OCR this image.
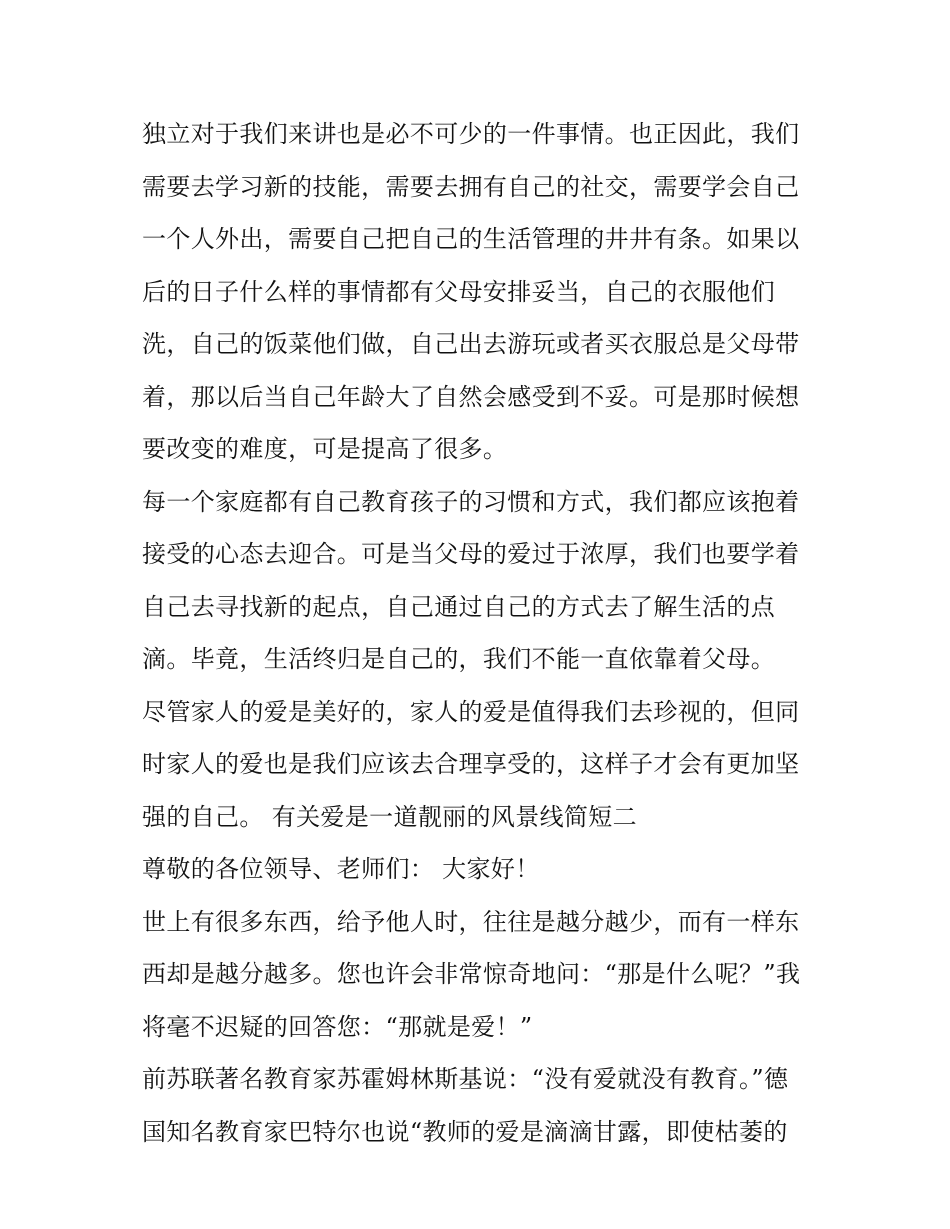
独立对于我们来讲也是必不可少的一件事情。也正因此，我们
需要去学习新的技能，需要去拥有自己的社交，需要学会自己
一个人外出，需要自己把自己的生活管理的井井有条。如果以
后的日子什么样的事情都有父母安排妥当，自己的衣服他们
洗，自己的饭菜他们做，自己出去游玩或者买衣服总是父母带
着，那以后当自己年龄大了自然会感受到不妥。可是那时候想
要改变的难度，可是提高了很多。
每一个家庭都有自己教育孩子的习惯和方式，我们都应该抱着
接受的心态去迎合。可是当父母的爱过于浓厚，我们也要学着
自己去寻找新的起点，自己通过自己的方式去了解生活的点
滴。毕竟，生活终归是自己的，我们不能一直依靠着父母。
尽管家人的爱是美好的，家人的爱是值得我们去珍视的，但同
时家人的爱也是我们应该去合理享受的，这样子才会有更加坚
强的自己。 有关爱是一道靓丽的风景线简短二
尊敬的各位领导、老师们： 大家好！
世上有很多东西，给予他人时，往往是越分越少，而有一样东
西却是越分越多。您也许会非常惊奇地问：“那是什么呢？”我
将毫不迟疑的回答您：“那就是爱！”
前苏联著名教育家苏霍姆林斯基说：“没有爱就没有教育。”德
国知名教育家巴特尔也说“教师的爱是滴滴甘露，即使枯萎的
